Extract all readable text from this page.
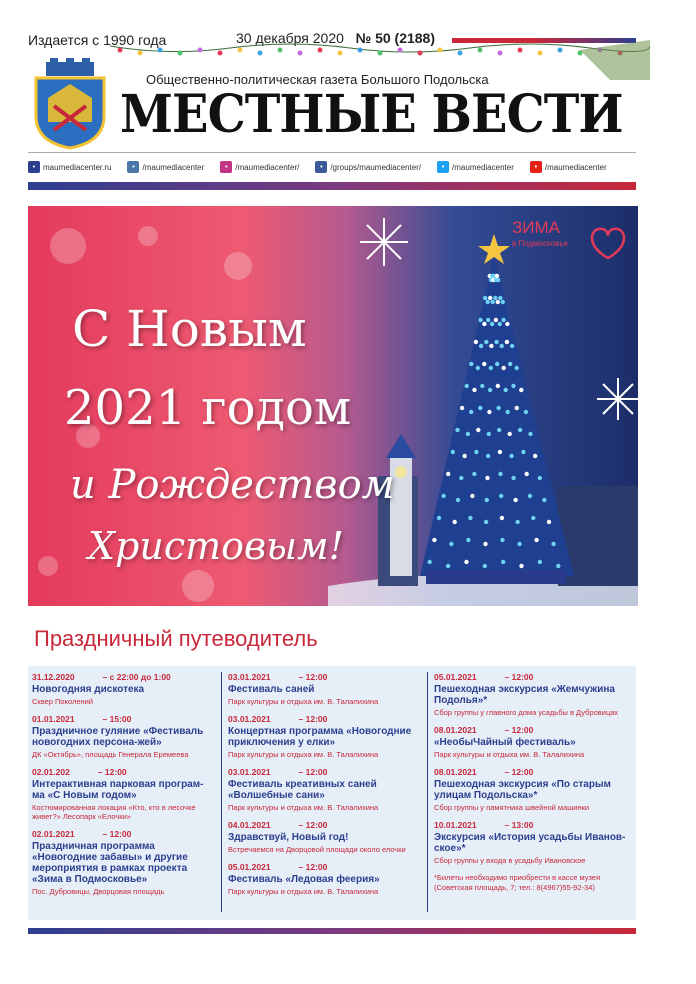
Издается с 1990 года	30 декабря 2020 № 50 (2188)
Общественно-политическая газета Большого Подольска
МЕСТНЫЕ ВЕСТИ
• maumediacenter.ru	• /maumediacenter	• /maumediacenter/	• /groups/maumediacenter/	• /maumediacenter	• /maumediacenter
ЗИМА
в Подмосковье
С Новым
2021 годом
и Рождеством
Христовым!
Праздничный путеводитель
31.12.2020	– с 22:00 до 1:00
Новогодняя дискотека
Сквер Поколений
01.01.2021	– 15:00
Праздничное гуляние «Фестиваль новогодних персона-жей»
ДК «Октябрь», площадь Генерала Еремеева
02.01.202	– 12:00
Интерактивная парковая програм-ма «С Новым годом»
Костюмированная локация «Кто, кто в лесочке живет?» Лесопарк «Елочки»
02.01.2021	– 12:00
Праздничная программа «Новогодние забавы» и другие мероприятия в рамках проекта «Зима в Подмосковье»
Пос. Дубровицы, Дворцовая площадь
03.01.2021	– 12:00
Фестиваль саней
Парк культуры и отдыха им. В. Талалихина
03.01.2021	– 12:00
Концертная программа «Новогодние приключения у елки»
Парк культуры и отдыха им. В. Талалихина
03.01.2021	– 12:00
Фестиваль креативных саней «Волшебные сани»
Парк культуры и отдыха им. В. Талалихина
04.01.2021	– 12:00
Здравствуй, Новый год!
Встречаемся на Дворцовой площади около елочки
05.01.2021	– 12:00
Фестиваль «Ледовая феерия»
Парк культуры и отдыха им. В. Талалихина
05.01.2021	– 12:00
Пешеходная экскурсия «Жемчужина Подолья»*
Сбор группы у главного дома усадьбы в Дубровицах
08.01.2021	– 12:00
«НеобыЧайный фестиваль»
Парк культуры и отдыха им. В. Талалихина
08.01.2021	– 12:00
Пешеходная экскурсия «По старым улицам Подольска»*
Сбор группы у памятника швейной машинки
10.01.2021	– 13:00
Экскурсия «История усадьбы Иванов-ское»*
Сбор группы у входа в усадьбу Ивановское
*Билеты необходимо приобрести в кассе музея (Советская площадь, 7; тел.: 8(4967)55-92-34)
